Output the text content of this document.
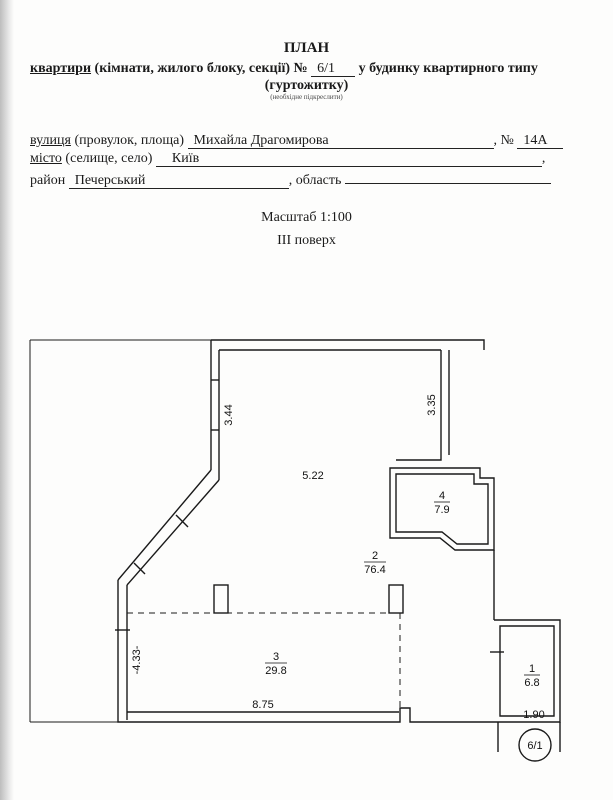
ПЛАН
квартири (кімнати, жилого блоку, секції) № 6/1 у будинку квартирного типу
(гуртожитку)
(необхідне підкреслити)
вулиця (провулок, площа) Михайла Драгомирова	, № 14А
місто (селище, село) Київ	,
район Печерський	, область
Масштаб 1:100
III поверх
6/1
3.44	3.35
5.22
-4.33-
8.75
1.90
4
7.9
2
76.4
3
29.8	1
6.8
